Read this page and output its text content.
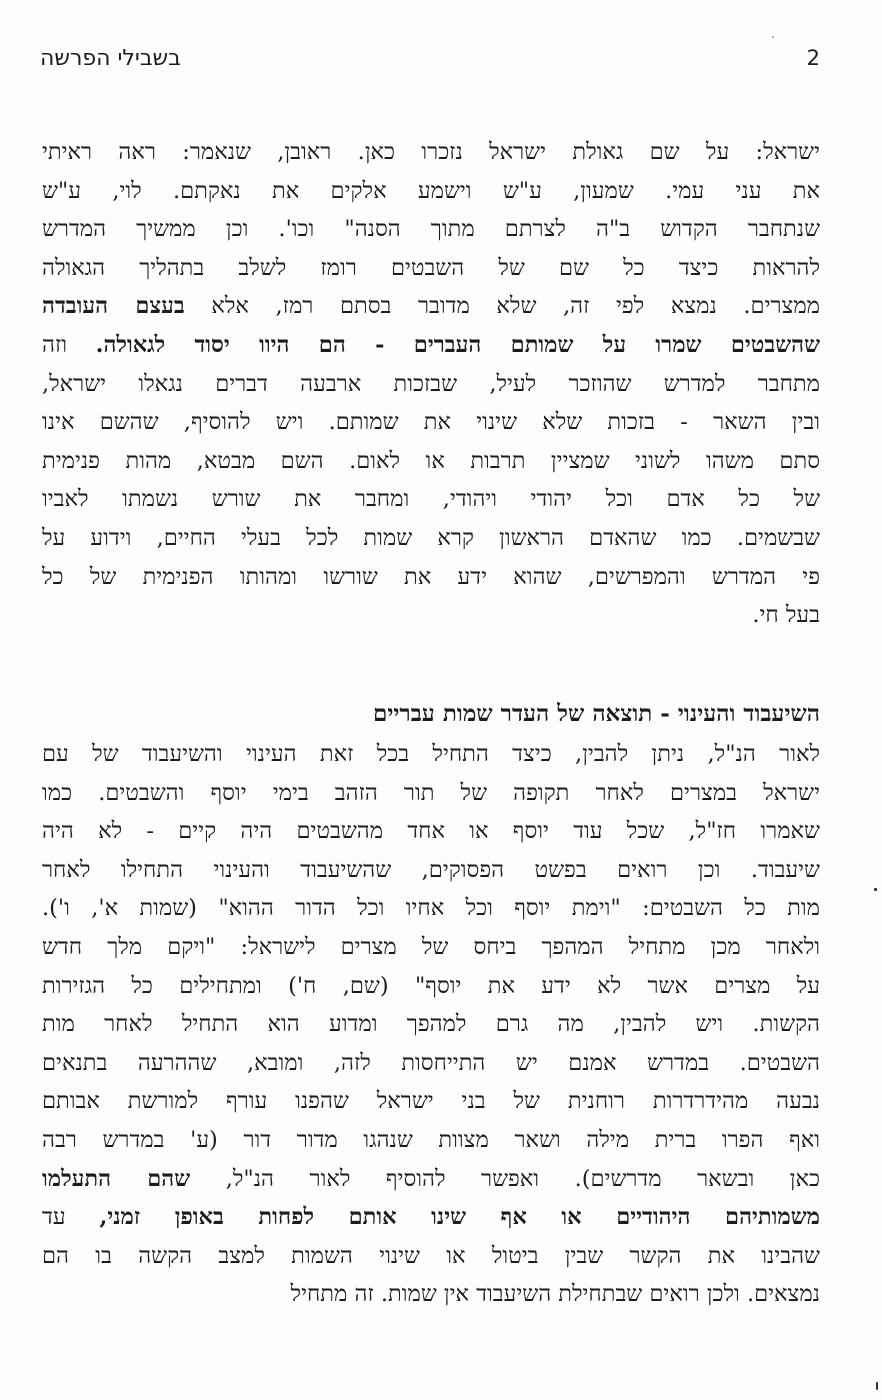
בשבילי הפרשה	2
ישראל: על שם גאולת ישראל נזכרו כאן. ראובן, שנאמר: ראה ראיתי
את עני עמי. שמעון, ע"ש וישמע אלקים את נאקתם. לוי, ע"ש
שנתחבר הקדוש ב"ה לצרתם מתוך הסנה" וכו'. וכן ממשיך המדרש
להראות כיצד כל שם של השבטים רומז לשלב בתהליך הגאולה
ממצרים. נמצא לפי זה, שלא מדובר בסתם רמז, אלא בעצם העובדה
שהשבטים שמרו על שמותם העברים - הם היוו יסוד לגאולה. וזה
מתחבר למדרש שהוזכר לעיל, שבזכות ארבעה דברים נגאלו ישראל,
ובין השאר - בזכות שלא שינוי את שמותם. ויש להוסיף, שהשם אינו
סתם משהו לשוני שמציין תרבות או לאום. השם מבטא, מהות פנימית
של כל אדם וכל יהודי ויהודי, ומחבר את שורש נשמתו לאביו
שבשמים. כמו שהאדם הראשון קרא שמות לכל בעלי החיים, וידוע על
פי המדרש והמפרשים, שהוא ידע את שורשו ומהותו הפנימית של כל
בעל חי.
השיעבוד והעינוי - תוצאה של העדר שמות עבריים
לאור הנ"ל, ניתן להבין, כיצד התחיל בכל זאת העינוי והשיעבוד של עם
ישראל במצרים לאחר תקופה של תור הזהב בימי יוסף והשבטים. כמו
שאמרו חז"ל, שכל עוד יוסף או אחד מהשבטים היה קיים - לא היה
שיעבוד. וכן רואים בפשט הפסוקים, שהשיעבוד והעינוי התחילו לאחר
מות כל השבטים: "וימת יוסף וכל אחיו וכל הדור ההוא" (שמות א', ו').
ולאחר מכן מתחיל המהפך ביחס של מצרים לישראל: "ויקם מלך חדש
על מצרים אשר לא ידע את יוסף" (שם, ח') ומתחילים כל הגזירות
הקשות. ויש להבין, מה גרם למהפך ומדוע הוא התחיל לאחר מות
השבטים. במדרש אמנם יש התייחסות לזה, ומובא, שההרעה בתנאים
נבעה מהידרדרות רוחנית של בני ישראל שהפנו עורף למורשת אבותם
ואף הפרו ברית מילה ושאר מצוות שנהגו מדור דור (ע' במדרש רבה
כאן ובשאר מדרשים). ואפשר להוסיף לאור הנ"ל, שהם התעלמו
משמותיהם היהודיים או אף שינו אותם לפחות באופן זמני, עד
שהבינו את הקשר שבין ביטול או שינוי השמות למצב הקשה בו הם
נמצאים. ולכן רואים שבתחילת השיעבוד אין שמות. זה מתחיל
